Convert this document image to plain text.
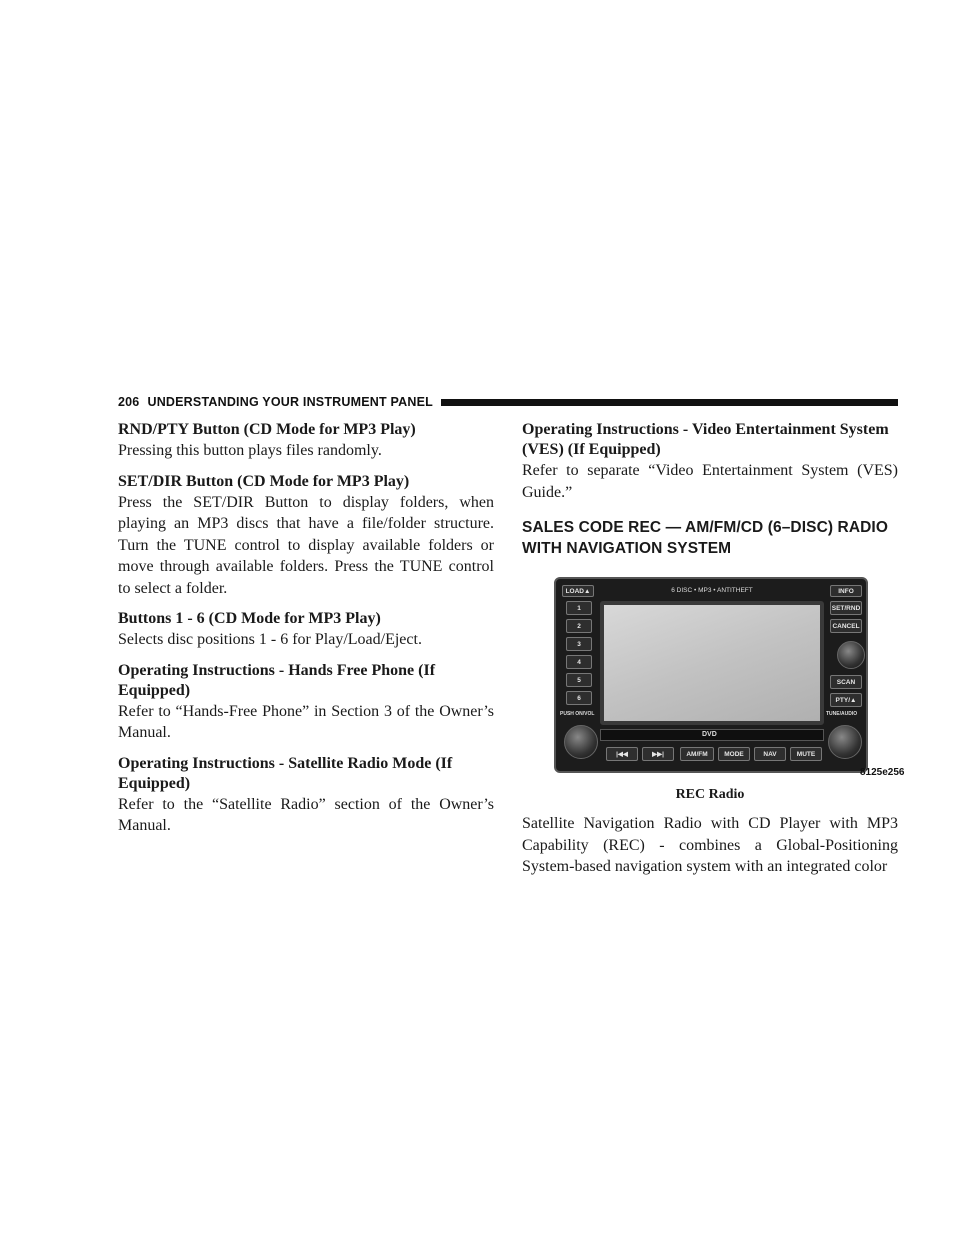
206 UNDERSTANDING YOUR INSTRUMENT PANEL
RND/PTY Button (CD Mode for MP3 Play)

Pressing this button plays files randomly.

SET/DIR Button (CD Mode for MP3 Play)

Press the SET/DIR Button to display folders, when playing an MP3 discs that have a file/folder structure. Turn the TUNE control to display available folders or move through available folders. Press the TUNE control to select a folder.

Buttons 1 - 6 (CD Mode for MP3 Play)

Selects disc positions 1 - 6 for Play/Load/Eject.

Operating Instructions - Hands Free Phone (If Equipped)

Refer to “Hands-Free Phone” in Section 3 of the Owner’s Manual.

Operating Instructions - Satellite Radio Mode (If Equipped)

Refer to the “Satellite Radio” section of the Owner’s Manual.

Operating Instructions - Video Entertainment System (VES) (If Equipped)

Refer to separate “Video Entertainment System (VES) Guide.”

SALES CODE REC — AM/FM/CD (6–DISC) RADIO WITH NAVIGATION SYSTEM
6 DISC • MP3 • ANTITHEFT
LOAD▲
1
2
3
4
5
6
INFO
SET/RND
CANCEL
SCAN
PTY/▲
PUSH ON/VOL	TUNE/AUDIO
DVD
|◀◀	▶▶|	AM/FM	MODE	NAV	MUTE
8125e256
REC Radio

Satellite Navigation Radio with CD Player with MP3 Capability (REC) - combines a Global-Positioning System-based navigation system with an integrated color
